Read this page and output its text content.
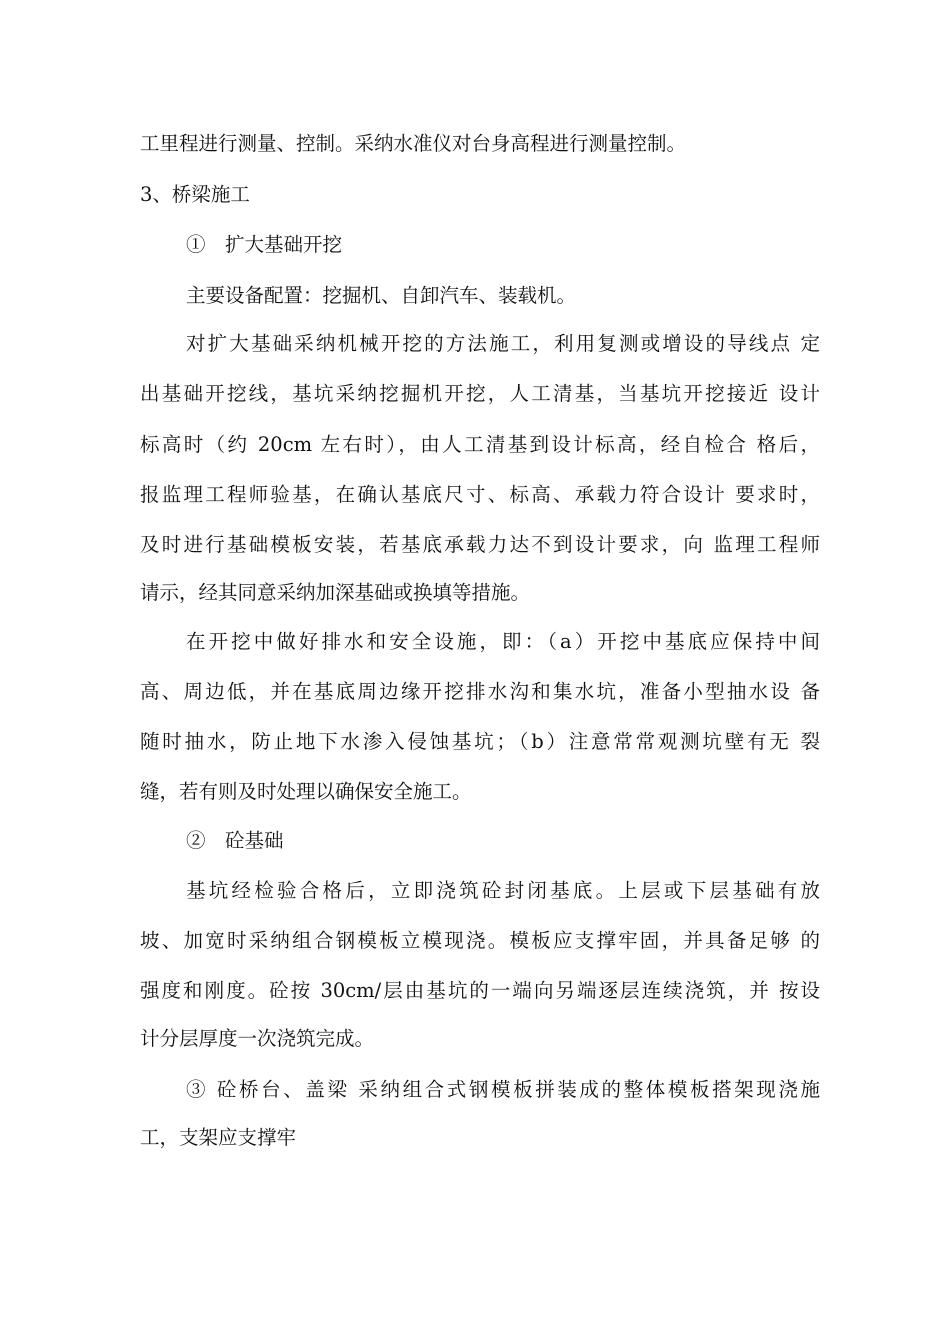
工里程进行测量、控制。采纳水准仪对台身高程进行测量控制。
3、桥梁施工
①　扩大基础开挖
主要设备配置：挖掘机、自卸汽车、装载机。
对扩大基础采纳机械开挖的方法施工，利用复测或增设的导线点 定
出基础开挖线，基坑采纳挖掘机开挖，人工清基，当基坑开挖接近 设计
标高时（约 20cm 左右时），由人工清基到设计标高，经自检合 格后，
报监理工程师验基，在确认基底尺寸、标高、承载力符合设计 要求时，
及时进行基础模板安装，若基底承载力达不到设计要求，向 监理工程师
请示，经其同意采纳加深基础或换填等措施。
在开挖中做好排水和安全设施，即：（a）开挖中基底应保持中间
高、周边低，并在基底周边缘开挖排水沟和集水坑，准备小型抽水设 备
随时抽水，防止地下水渗入侵蚀基坑；（b）注意常常观测坑壁有无 裂
缝，若有则及时处理以确保安全施工。
②　砼基础
基坑经检验合格后，立即浇筑砼封闭基底。上层或下层基础有放
坡、加宽时采纳组合钢模板立模现浇。模板应支撑牢固，并具备足够 的
强度和刚度。砼按 30cm/层由基坑的一端向另端逐层连续浇筑，并 按设
计分层厚度一次浇筑完成。
③ 砼桥台、盖梁 采纳组合式钢模板拼装成的整体模板搭架现浇施
工，支架应支撑牢
